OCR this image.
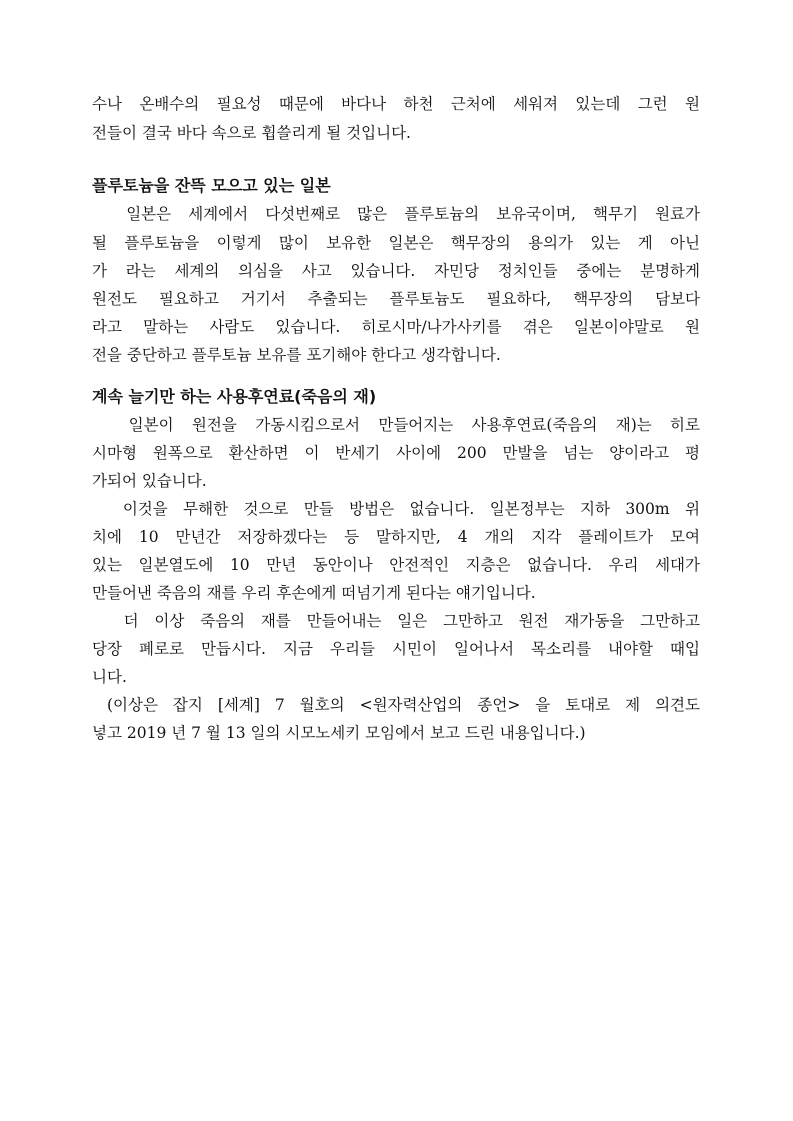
수나 온배수의 필요성 때문에 바다나 하천 근처에 세워져 있는데 그런 원
전들이 결국 바다 속으로 휩쓸리게 될 것입니다.
플루토늄을 잔뜩 모으고 있는 일본
일본은 세계에서 다섯번째로 많은 플루토늄의 보유국이며, 핵무기 원료가
될 플루토늄을 이렇게 많이 보유한 일본은 핵무장의 용의가 있는 게 아닌
가 라는 세계의 의심을 사고 있습니다. 자민당 정치인들 중에는 분명하게
원전도 필요하고 거기서 추출되는 플루토늄도 필요하다, 핵무장의 담보다
라고 말하는 사람도 있습니다. 히로시마/나가사키를 겪은 일본이야말로 원
전을 중단하고 플루토늄 보유를 포기해야 한다고 생각합니다.
계속 늘기만 하는 사용후연료(죽음의 재)
일본이 원전을 가동시킴으로서 만들어지는 사용후연료(죽음의 재)는 히로
시마형 원폭으로 환산하면 이 반세기 사이에 200 만발을 넘는 양이라고 평
가되어 있습니다.
이것을 무해한 것으로 만들 방법은 없습니다. 일본정부는 지하 300m 위
치에 10 만년간 저장하겠다는 등 말하지만, 4 개의 지각 플레이트가 모여
있는 일본열도에 10 만년 동안이나 안전적인 지층은 없습니다. 우리 세대가
만들어낸 죽음의 재를 우리 후손에게 떠넘기게 된다는 얘기입니다.
더 이상 죽음의 재를 만들어내는 일은 그만하고 원전 재가동을 그만하고
당장 폐로로 만듭시다. 지금 우리들 시민이 일어나서 목소리를 내야할 때입
니다.
(이상은 잡지 [세계] 7 월호의 <원자력산업의 종언> 을 토대로 제 의견도
넣고 2019 년 7 월 13 일의 시모노세키 모임에서 보고 드린 내용입니다.)
